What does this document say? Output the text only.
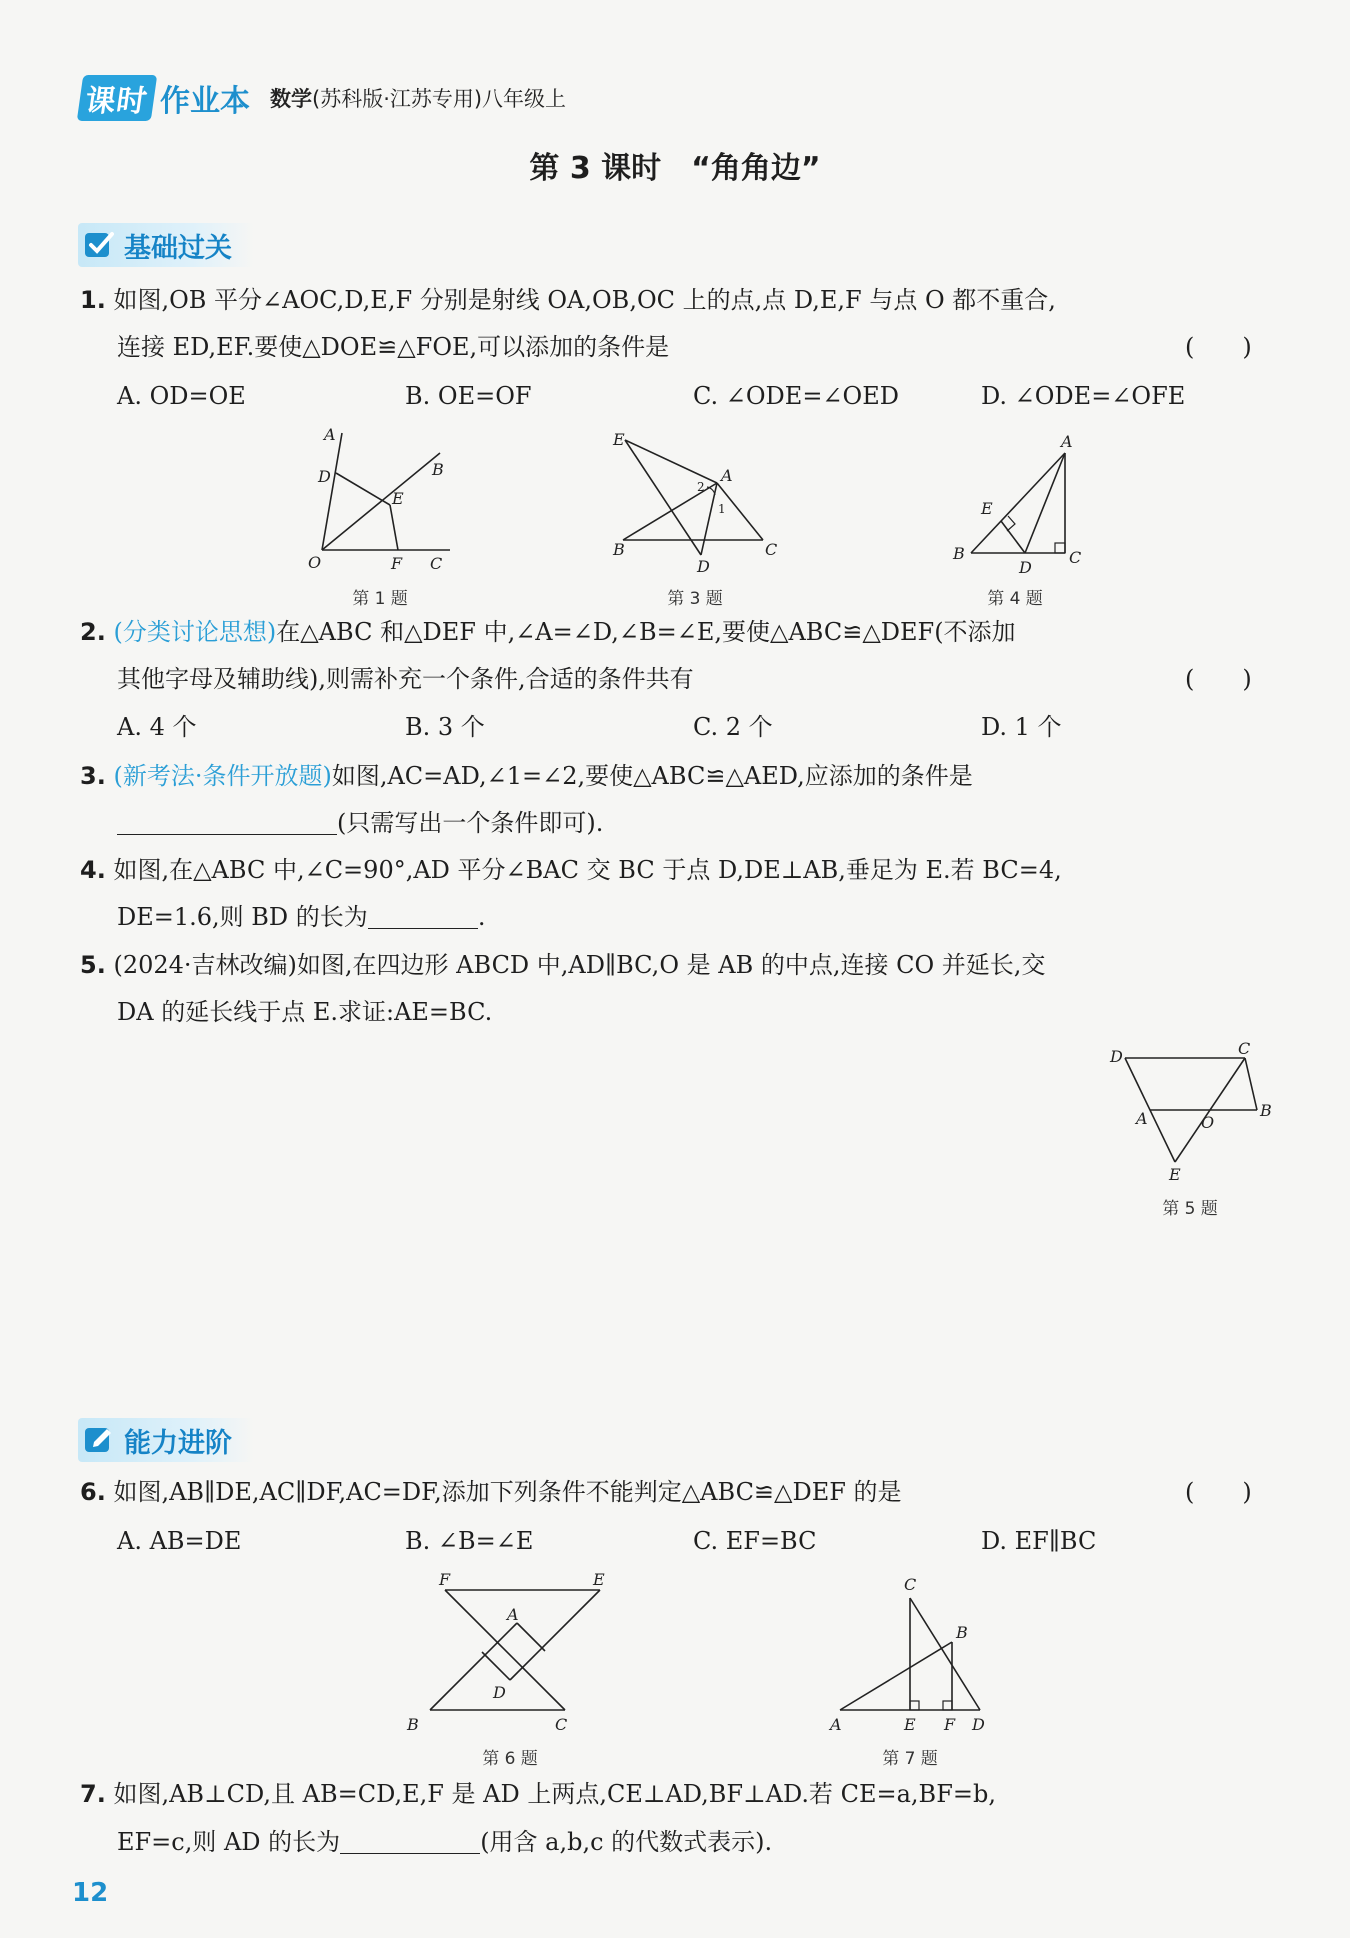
课时 作业本 数学(苏科版·江苏专用)八年级上
第 3 课时　“角角边”
基础过关
1. 如图,OB 平分∠AOC,D,E,F 分别是射线 OA,OB,OC 上的点,点 D,E,F 与点 O 都不重合,
连接 ED,EF.要使△DOE≌△FOE,可以添加的条件是	(　　)
A. OD=OE	B. OE=OF	C. ∠ODE=∠OED	D. ∠ODE=∠OFE
A
D	B
E
O	F C
第 1 题
E
A
2
1
B
D
C
第 3 题
A
E
B
D
C
第 4 题
2. (分类讨论思想)在△ABC 和△DEF 中,∠A=∠D,∠B=∠E,要使△ABC≌△DEF(不添加
其他字母及辅助线),则需补充一个条件,合适的条件共有	(　　)
A. 4 个	B. 3 个	C. 2 个	D. 1 个
3. (新考法·条件开放题)如图,AC=AD,∠1=∠2,要使△ABC≌△AED,应添加的条件是
(只需写出一个条件即可).
4. 如图,在△ABC 中,∠C=90°,AD 平分∠BAC 交 BC 于点 D,DE⊥AB,垂足为 E.若 BC=4,
DE=1.6,则 BD 的长为	.
5. (2024·吉林改编)如图,在四边形 ABCD 中,AD∥BC,O 是 AB 的中点,连接 CO 并延长,交
DA 的延长线于点 E.求证:AE=BC.
D	C
A	O
B
E
第 5 题
能力进阶
6. 如图,AB∥DE,AC∥DF,AC=DF,添加下列条件不能判定△ABC≌△DEF 的是	(　　)
A. AB=DE	B. ∠B=∠E	C. EF=BC	D. EF∥BC
F	E
A
D
B	C
第 6 题
C
B
A	E F D
第 7 题
7. 如图,AB⊥CD,且 AB=CD,E,F 是 AD 上两点,CE⊥AD,BF⊥AD.若 CE=a,BF=b,
EF=c,则 AD 的长为	(用含 a,b,c 的代数式表示).
12
